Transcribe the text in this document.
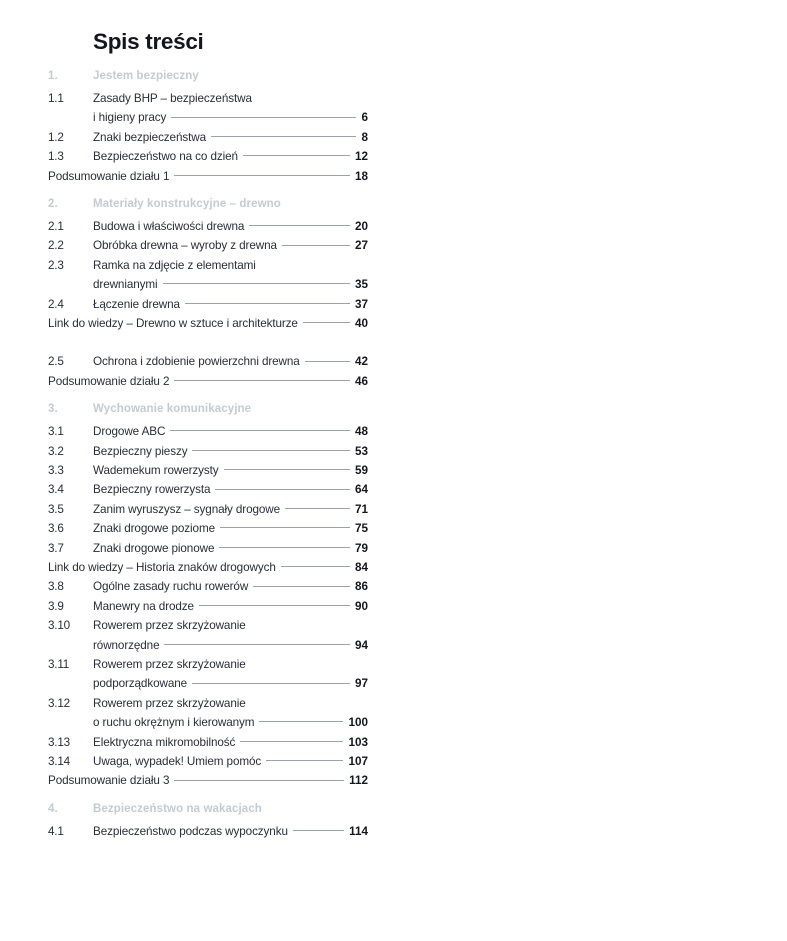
Spis treści
1.	Jestem bezpieczny
1.1	Zasady BHP – bezpieczeństwa
i higieny pracy	6
1.2	Znaki bezpieczeństwa	8
1.3	Bezpieczeństwo na co dzień	12
Podsumowanie działu 1	18
2.	Materiały konstrukcyjne – drewno
2.1	Budowa i właściwości drewna	20
2.2	Obróbka drewna – wyroby z drewna	27
2.3	Ramka na zdjęcie z elementami
drewnianymi	35
2.4	Łączenie drewna	37
Link do wiedzy – Drewno w sztuce i architekturze	40
2.5	Ochrona i zdobienie powierzchni drewna	42
Podsumowanie działu 2	46
3.	Wychowanie komunikacyjne
3.1	Drogowe ABC	48
3.2	Bezpieczny pieszy	53
3.3	Wademekum rowerzysty	59
3.4	Bezpieczny rowerzysta	64
3.5	Zanim wyruszysz – sygnały drogowe	71
3.6	Znaki drogowe poziome	75
3.7	Znaki drogowe pionowe	79
Link do wiedzy – Historia znaków drogowych	84
3.8	Ogólne zasady ruchu rowerów	86
3.9	Manewry na drodze	90
3.10	Rowerem przez skrzyżowanie
równorzędne	94
3.11	Rowerem przez skrzyżowanie
podporządkowane	97
3.12	Rowerem przez skrzyżowanie
o ruchu okrężnym i kierowanym	100
3.13	Elektryczna mikromobilność	103
3.14	Uwaga, wypadek! Umiem pomóc	107
Podsumowanie działu 3	112
4.	Bezpieczeństwo na wakacjach
4.1	Bezpieczeństwo podczas wypoczynku	114
